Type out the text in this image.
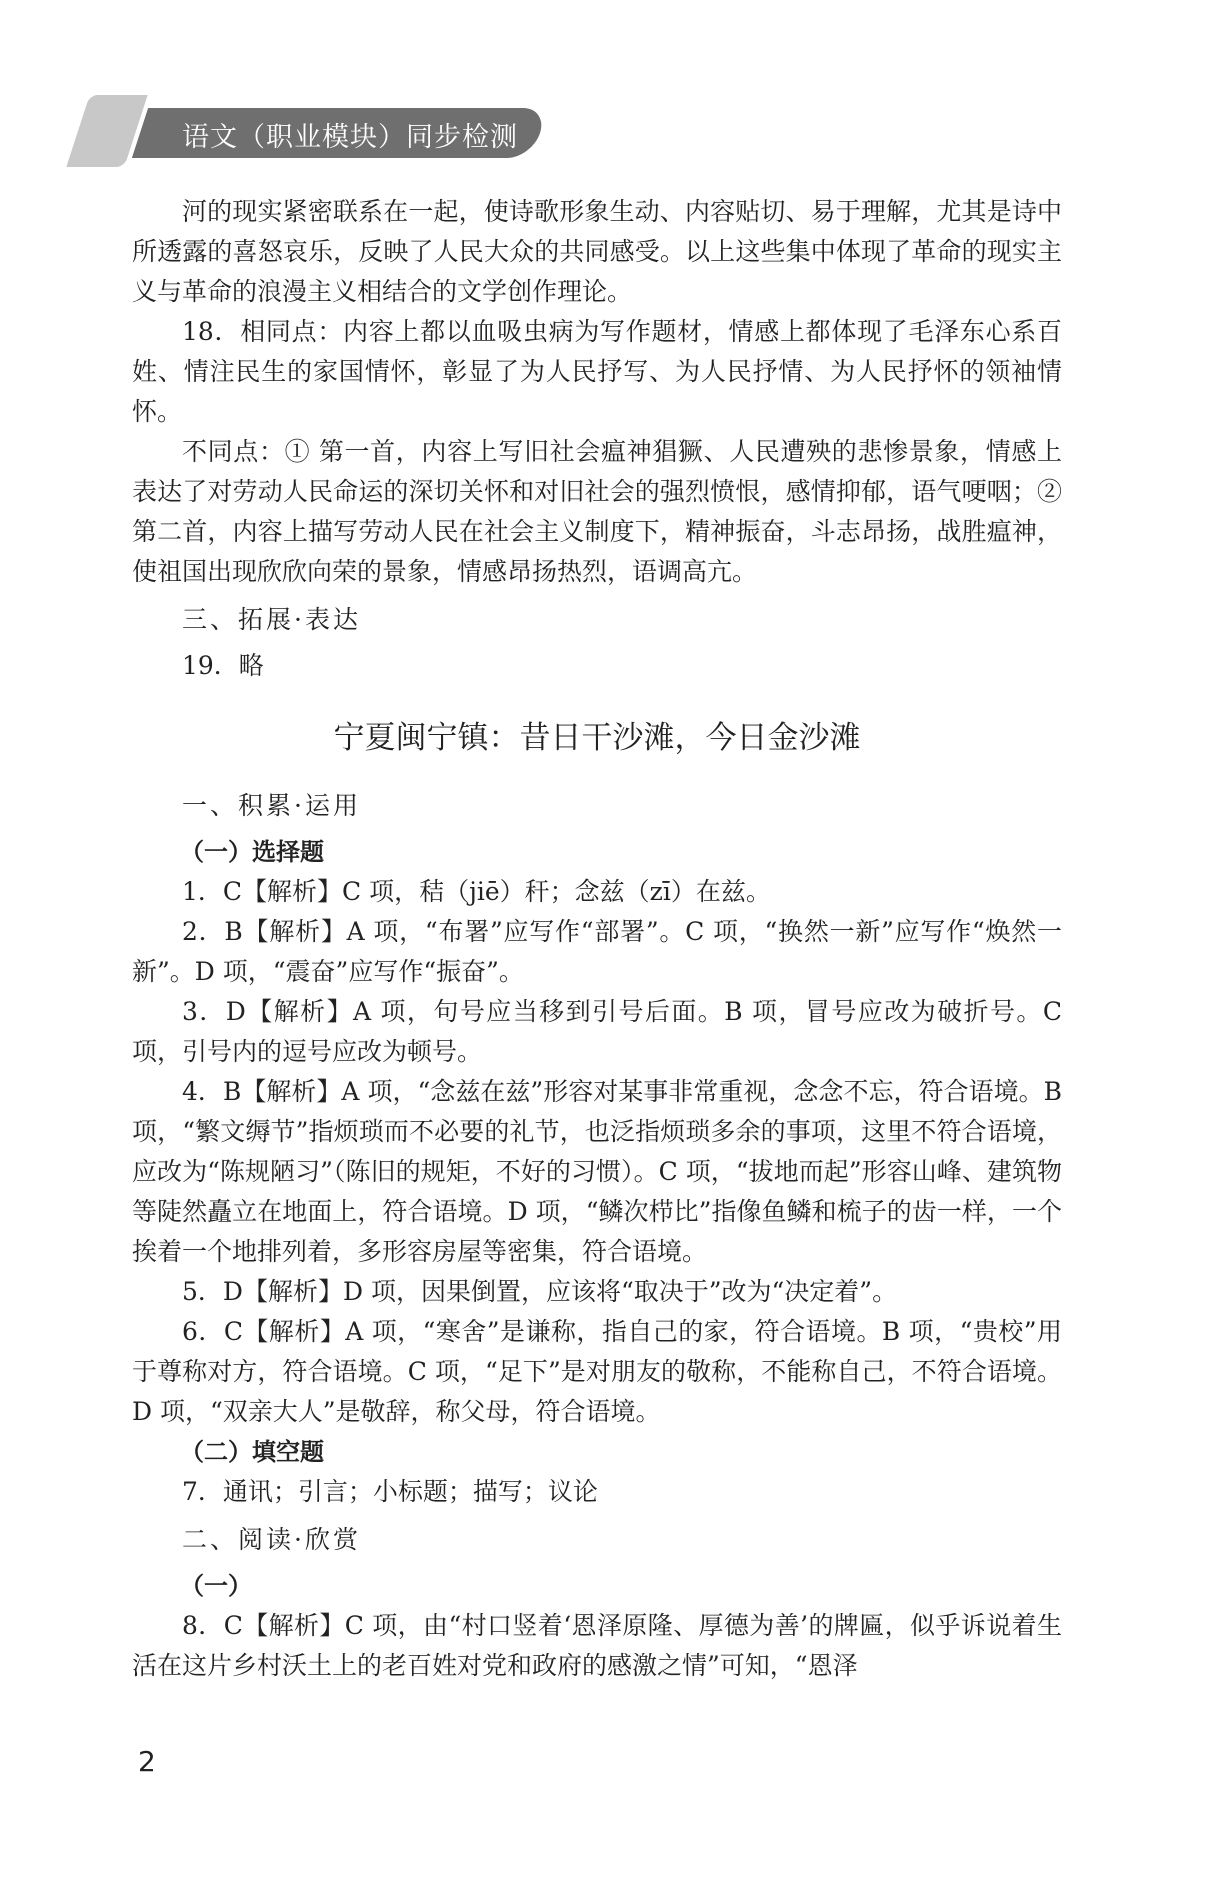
语文（职业模块）同步检测

河的现实紧密联系在一起，使诗歌形象生动、内容贴切、易于理解，尤其是诗中所透露的喜怒哀乐，反映了人民大众的共同感受。以上这些集中体现了革命的现实主义与革命的浪漫主义相结合的文学创作理论。

18．相同点：内容上都以血吸虫病为写作题材，情感上都体现了毛泽东心系百姓、情注民生的家国情怀，彰显了为人民抒写、为人民抒情、为人民抒怀的领袖情怀。

不同点：① 第一首，内容上写旧社会瘟神猖獗、人民遭殃的悲惨景象，情感上表达了对劳动人民命运的深切关怀和对旧社会的强烈愤恨，感情抑郁，语气哽咽；② 第二首，内容上描写劳动人民在社会主义制度下，精神振奋，斗志昂扬，战胜瘟神，使祖国出现欣欣向荣的景象，情感昂扬热烈，语调高亢。

三、拓展·表达

19．略

宁夏闽宁镇：昔日干沙滩，今日金沙滩

一、积累·运用

（一）选择题

1．C【解析】C 项，秸（jiē）秆；念兹（zī）在兹。

2．B【解析】A 项，“布署”应写作“部署”。C 项，“换然一新”应写作“焕然一新”。D 项，“震奋”应写作“振奋”。

3．D【解析】A 项，句号应当移到引号后面。B 项，冒号应改为破折号。C 项，引号内的逗号应改为顿号。

4．B【解析】A 项，“念兹在兹”形容对某事非常重视，念念不忘，符合语境。B 项，“繁文缛节”指烦琐而不必要的礼节，也泛指烦琐多余的事项，这里不符合语境，应改为“陈规陋习”（陈旧的规矩，不好的习惯）。C 项，“拔地而起”形容山峰、建筑物等陡然矗立在地面上，符合语境。D 项，“鳞次栉比”指像鱼鳞和梳子的齿一样，一个挨着一个地排列着，多形容房屋等密集，符合语境。

5．D【解析】D 项，因果倒置，应该将“取决于”改为“决定着”。

6．C【解析】A 项，“寒舍”是谦称，指自己的家，符合语境。B 项，“贵校”用于尊称对方，符合语境。C 项，“足下”是对朋友的敬称，不能称自己，不符合语境。D 项，“双亲大人”是敬辞，称父母，符合语境。

（二）填空题

7．通讯；引言；小标题；描写；议论

二、阅读·欣赏

（一）

8．C【解析】C 项，由“村口竖着‘恩泽原隆、厚德为善’的牌匾，似乎诉说着生活在这片乡村沃土上的老百姓对党和政府的感激之情”可知，“恩泽

2
